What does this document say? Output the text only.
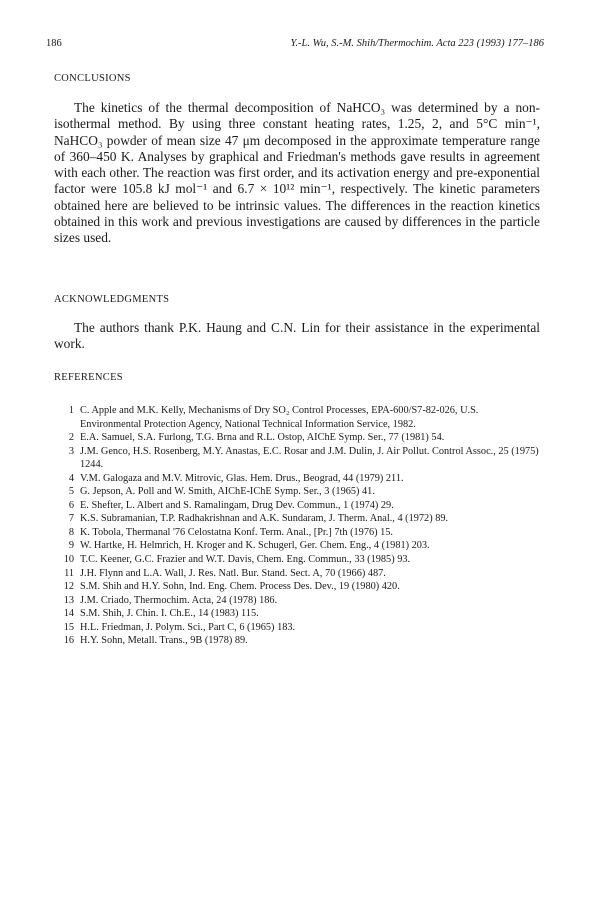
186	Y.-L. Wu, S.-M. Shih/Thermochim. Acta 223 (1993) 177–186
CONCLUSIONS

The kinetics of the thermal decomposition of NaHCO₃ was determined by a non-isothermal method. By using three constant heating rates, 1.25, 2, and 5°C min⁻¹, NaHCO₃ powder of mean size 47 μm decomposed in the approximate temperature range of 360–450 K. Analyses by graphical and Friedman's methods gave results in agreement with each other. The reaction was first order, and its activation energy and pre-exponential factor were 105.8 kJ mol⁻¹ and 6.7 × 10¹² min⁻¹, respectively. The kinetic parameters obtained here are believed to be intrinsic values. The differences in the reaction kinetics obtained in this work and previous investigations are caused by differences in the particle sizes used.

ACKNOWLEDGMENTS

The authors thank P.K. Haung and C.N. Lin for their assistance in the experimental work.

REFERENCES
1 C. Apple and M.K. Kelly, Mechanisms of Dry SO₂ Control Processes, EPA-600/S7-82-026, U.S. Environmental Protection Agency, National Technical Information Service, 1982.
2 E.A. Samuel, S.A. Furlong, T.G. Brna and R.L. Ostop, AIChE Symp. Ser., 77 (1981) 54.
3 J.M. Genco, H.S. Rosenberg, M.Y. Anastas, E.C. Rosar and J.M. Dulin, J. Air Pollut. Control Assoc., 25 (1975) 1244.
4 V.M. Galogaza and M.V. Mitrovic, Glas. Hem. Drus., Beograd, 44 (1979) 211.
5 G. Jepson, A. Poll and W. Smith, AIChE-IChE Symp. Ser., 3 (1965) 41.
6 E. Shefter, L. Albert and S. Ramalingam, Drug Dev. Commun., 1 (1974) 29.
7 K.S. Subramanian, T.P. Radhakrishnan and A.K. Sundaram, J. Therm. Anal., 4 (1972) 89.
8 K. Tobola, Thermanal '76 Celostatna Konf. Term. Anal., [Pr.] 7th (1976) 15.
9 W. Hartke, H. Helmrich, H. Kroger and K. Schugerl, Ger. Chem. Eng., 4 (1981) 203.
10 T.C. Keener, G.C. Frazier and W.T. Davis, Chem. Eng. Commun., 33 (1985) 93.
11 J.H. Flynn and L.A. Wall, J. Res. Natl. Bur. Stand. Sect. A, 70 (1966) 487.
12 S.M. Shih and H.Y. Sohn, Ind. Eng. Chem. Process Des. Dev., 19 (1980) 420.
13 J.M. Criado, Thermochim. Acta, 24 (1978) 186.
14 S.M. Shih, J. Chin. I. Ch.E., 14 (1983) 115.
15 H.L. Friedman, J. Polym. Sci., Part C, 6 (1965) 183.
16 H.Y. Sohn, Metall. Trans., 9B (1978) 89.
